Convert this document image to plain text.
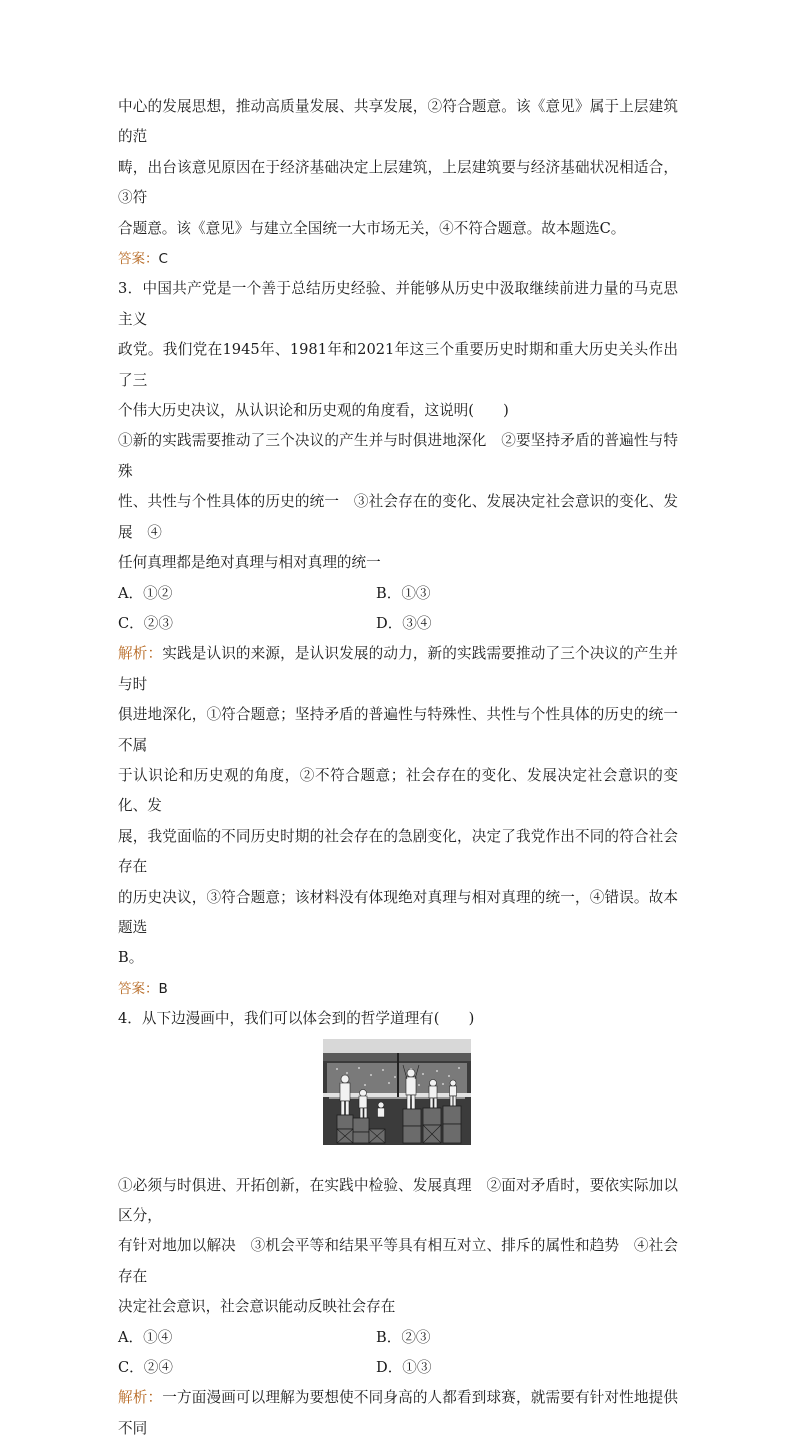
中心的发展思想，推动高质量发展、共享发展，②符合题意。该《意见》属于上层建筑的范

畴，出台该意见原因在于经济基础决定上层建筑，上层建筑要与经济基础状况相适合，③符

合题意。该《意见》与建立全国统一大市场无关，④不符合题意。故本题选C。

答案：C

3．中国共产党是一个善于总结历史经验、并能够从历史中汲取继续前进力量的马克思主义

政党。我们党在1945年、1981年和2021年这三个重要历史时期和重大历史关头作出了三

个伟大历史决议，从认识论和历史观的角度看，这说明(　　)

①新的实践需要推动了三个决议的产生并与时俱进地深化　②要坚持矛盾的普遍性与特殊

性、共性与个性具体的历史的统一　③社会存在的变化、发展决定社会意识的变化、发展　④

任何真理都是绝对真理与相对真理的统一

A．①②	B．①③

C．②③	D．③④

解析：实践是认识的来源，是认识发展的动力，新的实践需要推动了三个决议的产生并与时

俱进地深化，①符合题意；坚持矛盾的普遍性与特殊性、共性与个性具体的历史的统一不属

于认识论和历史观的角度，②不符合题意；社会存在的变化、发展决定社会意识的变化、发

展，我党面临的不同历史时期的社会存在的急剧变化，决定了我党作出不同的符合社会存在

的历史决议，③符合题意；该材料没有体现绝对真理与相对真理的统一，④错误。故本题选

B。

答案：B

4．从下边漫画中，我们可以体会到的哲学道理有(　　)

①必须与时俱进、开拓创新，在实践中检验、发展真理　②面对矛盾时，要依实际加以区分，

有针对地加以解决　③机会平等和结果平等具有相互对立、排斥的属性和趋势　④社会存在

决定社会意识，社会意识能动反映社会存在

A．①④	B．②③

C．②④	D．①③

解析：一方面漫画可以理解为要想使不同身高的人都看到球赛，就需要有针对性地提供不同
